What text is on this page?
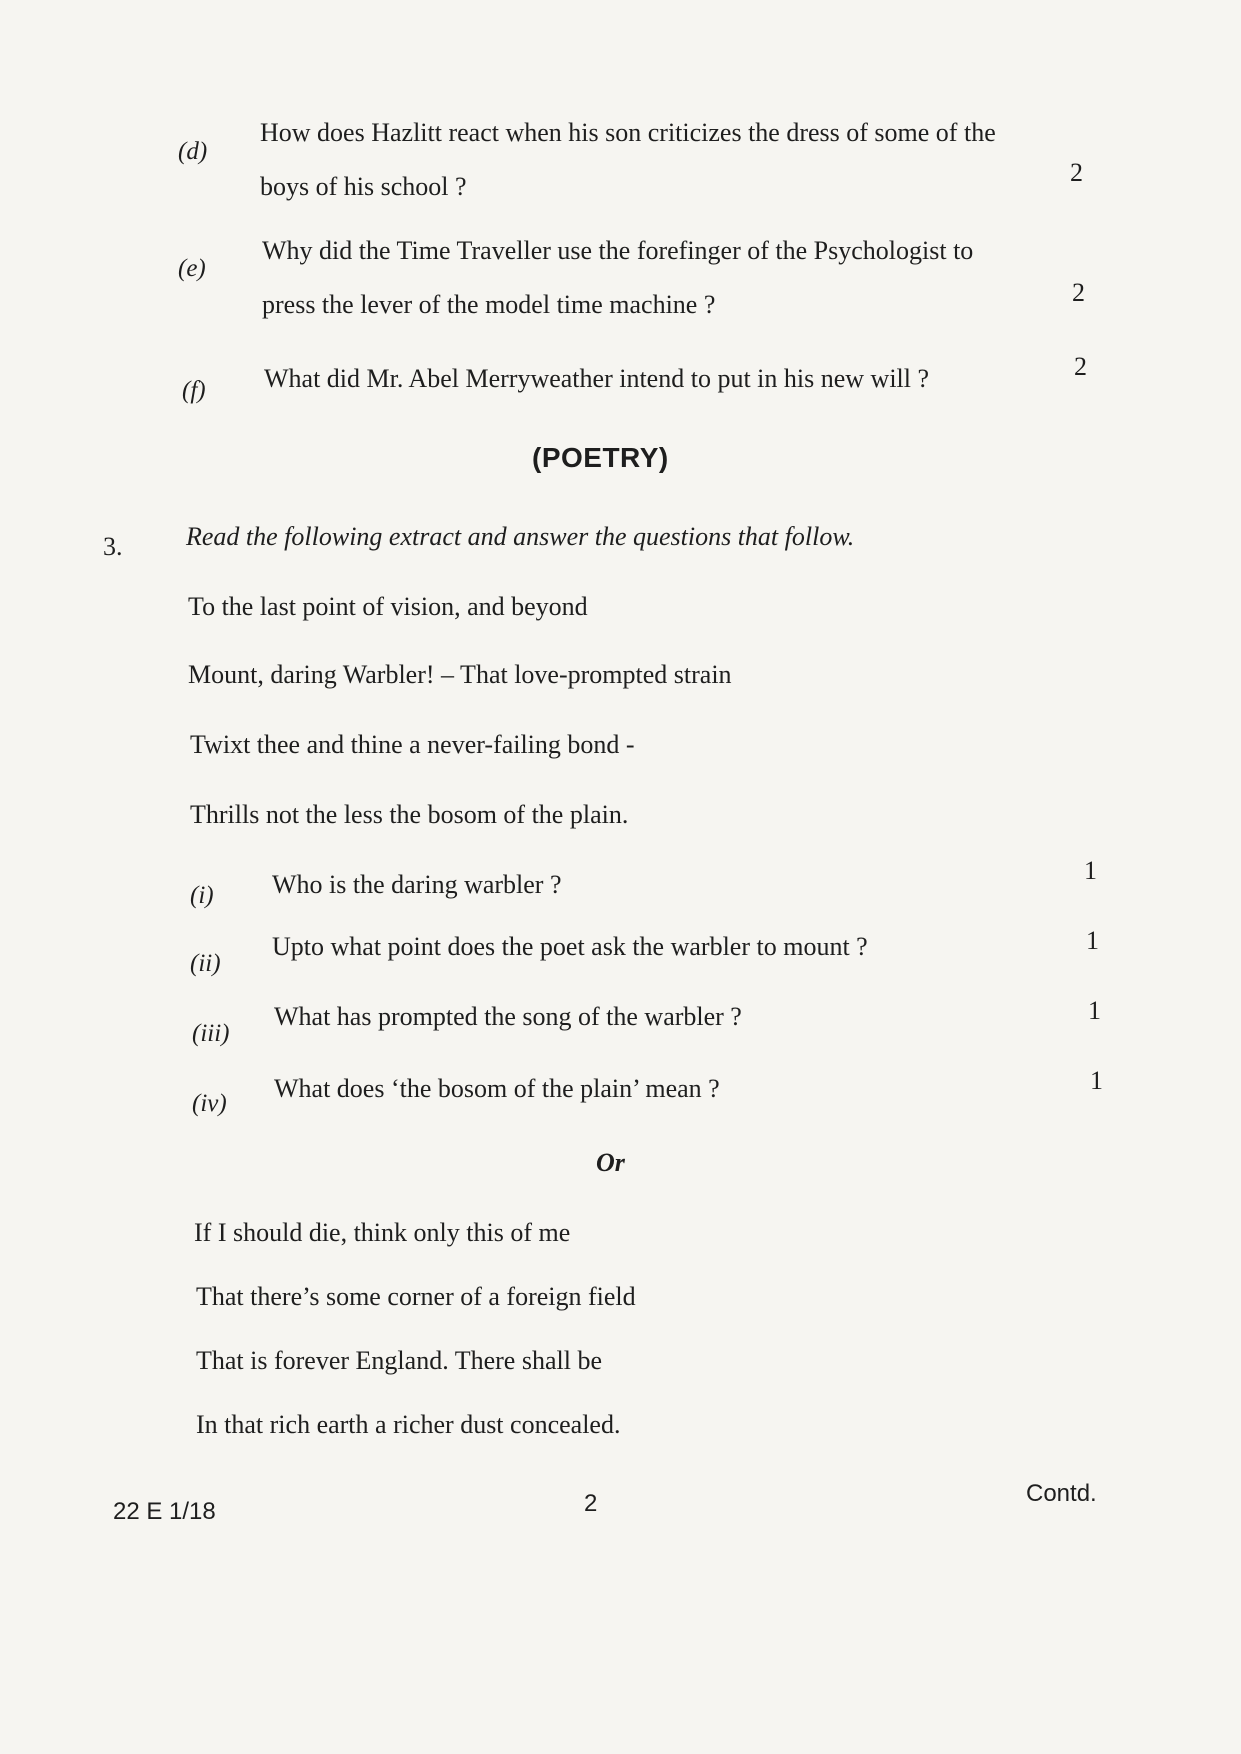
(d)
How does Hazlitt react when his son criticizes the dress of some of the
boys of his school ?	2
(e)
Why did the Time Traveller use the forefinger of the Psychologist to
press the lever of the model time machine ?	2
(f) What did Mr. Abel Merryweather intend to put in his new will ?	2
(POETRY)
3. Read the following extract and answer the questions that follow.
To the last point of vision, and beyond
Mount, daring Warbler! – That love-prompted strain
Twixt thee and thine a never-failing bond -
Thrills not the less the bosom of the plain.
(i) Who is the daring warbler ?	1
(ii)
Upto what point does the poet ask the warbler to mount ?	1
(iii)
What has prompted the song of the warbler ?	1
(iv)
What does ‘the bosom of the plain’ mean ?	1
Or
If I should die, think only this of me
That there’s some corner of a foreign field
That is forever England. There shall be
In that rich earth a richer dust concealed.
22 E 1/18	2	Contd.
